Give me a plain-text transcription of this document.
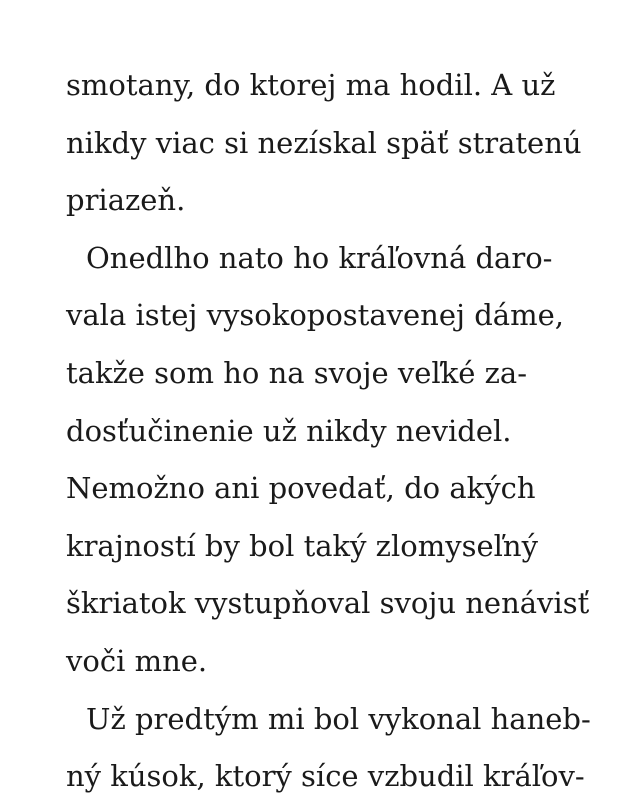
smotany, do ktorej ma hodil. A už
nikdy viac si nezískal späť stratenú
priazeň.
Onedlho nato ho kráľovná daro-
vala istej vysokopostavenej dáme,
takže som ho na svoje veľké za-
dosťučinenie už nikdy nevidel.
Nemožno ani povedať, do akých
krajností by bol taký zlomyseľný
škriatok vystupňoval svoju nenávisť
voči mne.
Už predtým mi bol vykonal haneb-
ný kúsok, ktorý síce vzbudil kráľov-
